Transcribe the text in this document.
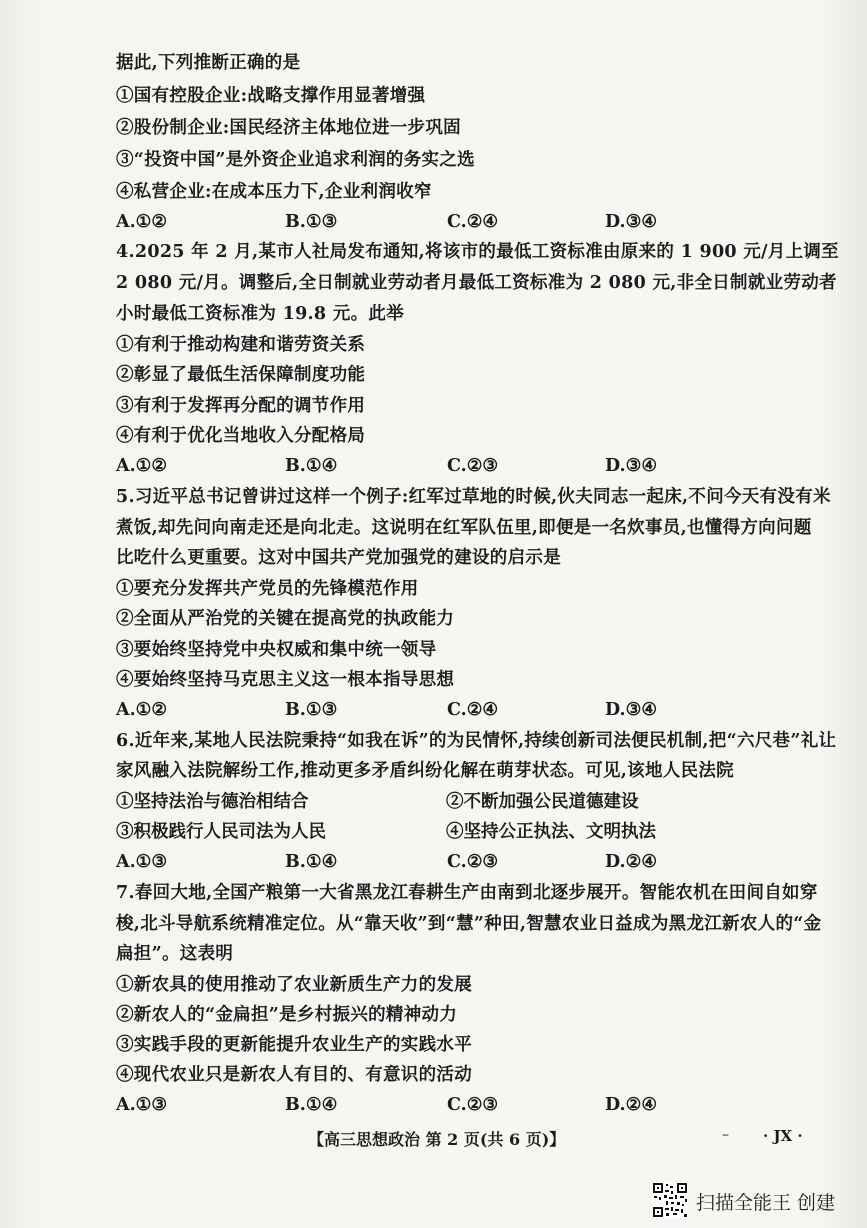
据此,下列推断正确的是
①国有控股企业:战略支撑作用显著增强
②股份制企业:国民经济主体地位进一步巩固
③“投资中国”是外资企业追求利润的务实之选
④私营企业:在成本压力下,企业利润收窄
A.①②	B.①③	C.②④	D.③④
4.2025 年 2 月,某市人社局发布通知,将该市的最低工资标准由原来的 1 900 元/月上调至
2 080 元/月。调整后,全日制就业劳动者月最低工资标准为 2 080 元,非全日制就业劳动者
小时最低工资标准为 19.8 元。此举
①有利于推动构建和谐劳资关系
②彰显了最低生活保障制度功能
③有利于发挥再分配的调节作用
④有利于优化当地收入分配格局
A.①②	B.①④	C.②③	D.③④
5.习近平总书记曾讲过这样一个例子:红军过草地的时候,伙夫同志一起床,不问今天有没有米
煮饭,却先问向南走还是向北走。这说明在红军队伍里,即便是一名炊事员,也懂得方向问题
比吃什么更重要。这对中国共产党加强党的建设的启示是
①要充分发挥共产党员的先锋模范作用
②全面从严治党的关键在提高党的执政能力
③要始终坚持党中央权威和集中统一领导
④要始终坚持马克思主义这一根本指导思想
A.①②	B.①③	C.②④	D.③④
6.近年来,某地人民法院秉持“如我在诉”的为民情怀,持续创新司法便民机制,把“六尺巷”礼让
家风融入法院解纷工作,推动更多矛盾纠纷化解在萌芽状态。可见,该地人民法院
①坚持法治与德治相结合	②不断加强公民道德建设
③积极践行人民司法为人民	④坚持公正执法、文明执法
A.①③	B.①④	C.②③	D.②④
7.春回大地,全国产粮第一大省黑龙江春耕生产由南到北逐步展开。智能农机在田间自如穿
梭,北斗导航系统精准定位。从“靠天收”到“慧”种田,智慧农业日益成为黑龙江新农人的“金
扁担”。这表明
①新农具的使用推动了农业新质生产力的发展
②新农人的“金扁担”是乡村振兴的精神动力
③实践手段的更新能提升农业生产的实践水平
④现代农业只是新农人有目的、有意识的活动
A.①③	B.①④	C.②③	D.②④
【高三思想政治 第 2 页(共 6 页)】	– · JX ·
扫描全能王 创建
